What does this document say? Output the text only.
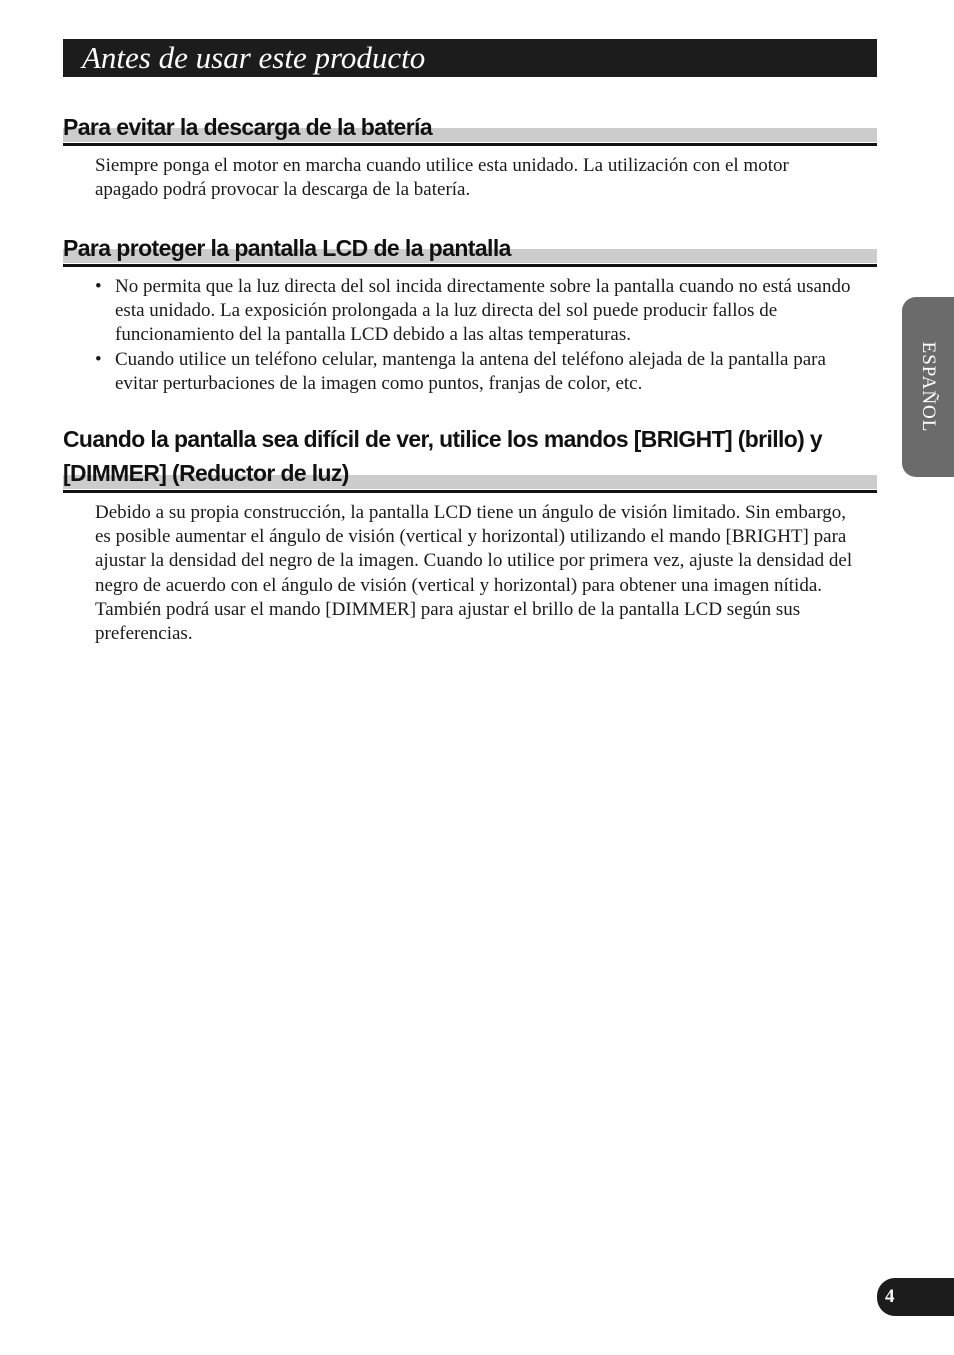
Antes de usar este producto
Para evitar la descarga de la batería

Siempre ponga el motor en marcha cuando utilice esta unidado. La utilización con el motor apagado podrá provocar la descarga de la batería.

Para proteger la pantalla LCD de la pantalla
• No permita que la luz directa del sol incida directamente sobre la pantalla cuando no está usando esta unidado. La exposición prolongada a la luz directa del sol puede producir fallos de funcionamiento del la pantalla LCD debido a las altas temperaturas.
• Cuando utilice un teléfono celular, mantenga la antena del teléfono alejada de la pantalla para evitar perturbaciones de la imagen como puntos, franjas de color, etc.
Cuando la pantalla sea difícil de ver, utilice los mandos [BRIGHT] (brillo) y [DIMMER] (Reductor de luz)

Debido a su propia construcción, la pantalla LCD tiene un ángulo de visión limitado. Sin embargo, es posible aumentar el ángulo de visión (vertical y horizontal) utilizando el mando [BRIGHT] para ajustar la densidad del negro de la imagen. Cuando lo utilice por primera vez, ajuste la densidad del negro de acuerdo con el ángulo de visión (vertical y horizontal) para obtener una imagen nítida. También podrá usar el mando [DIMMER] para ajustar el brillo de la pantalla LCD según sus preferencias.

ESPAÑOL
4
